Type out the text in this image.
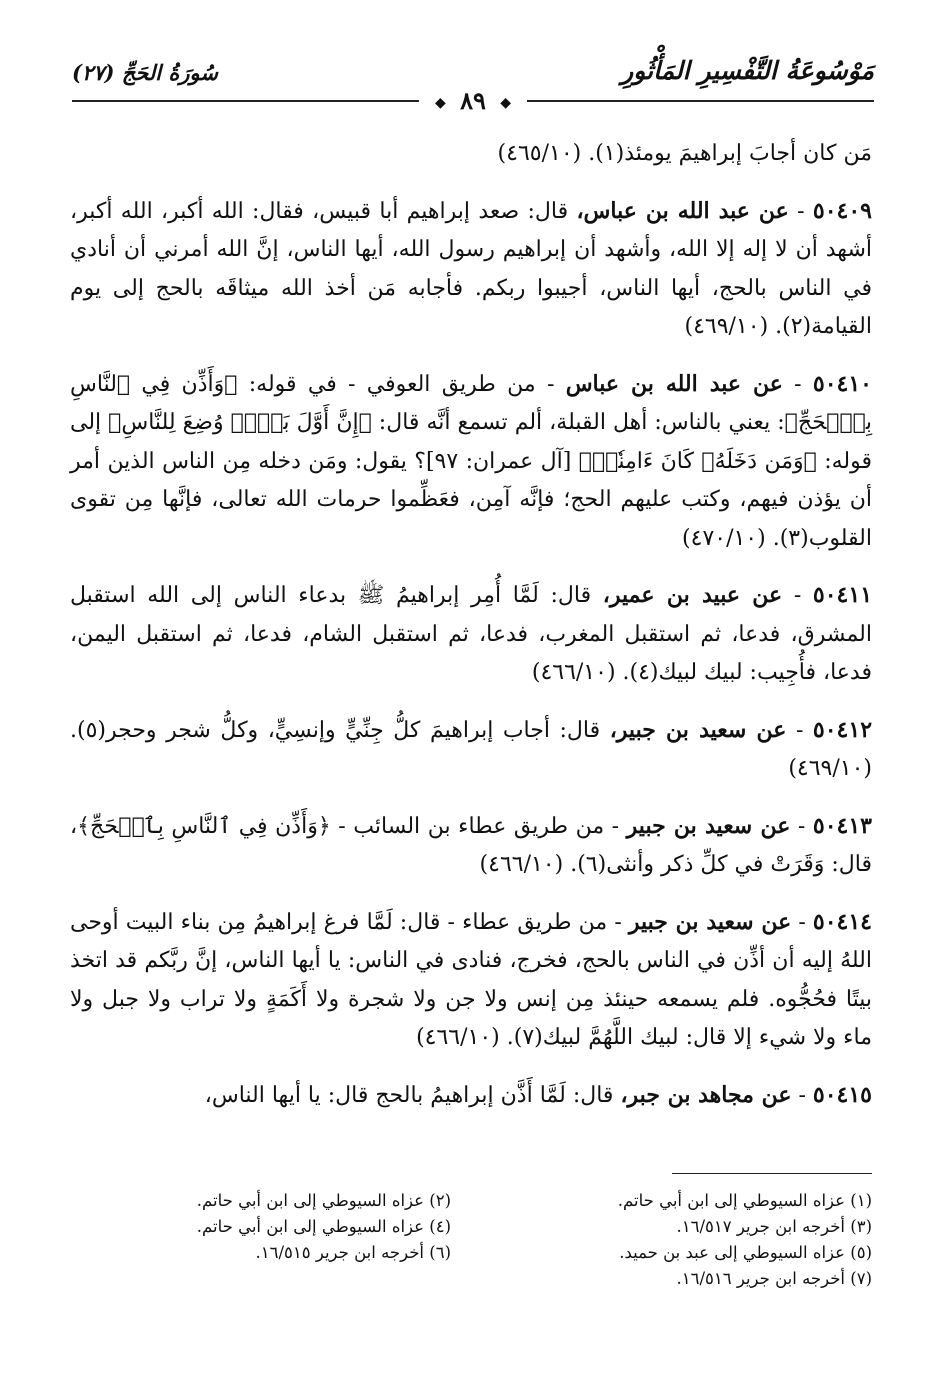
مَوْسُوعَةُ التَّفْسِيرِ المَأْثُورِ
سُورَةُ الحَجِّ (٢٧)
◆ ٨٩ ◆

مَن كان أجابَ إبراهيمَ يومئذ(١). (٤٦٥/١٠)

٥٠٤٠٩ - عن عبد الله بن عباس، قال: صعد إبراهيم أبا قبيس، فقال: الله أكبر، الله أكبر، أشهد أن لا إله إلا الله، وأشهد أن إبراهيم رسول الله، أيها الناس، إنَّ الله أمرني أن أنادي في الناس بالحج، أيها الناس، أجيبوا ربكم. فأجابه مَن أخذ الله ميثاقَه بالحج إلى يوم القيامة(٢). (٤٦٩/١٠)

٥٠٤١٠ - عن عبد الله بن عباس - من طريق العوفي - في قوله: ﴿وَأَذِّن فِي ٱلنَّاسِ بِٱلۡحَجِّ﴾: يعني بالناس: أهل القبلة، ألم تسمع أنَّه قال: ﴿إِنَّ أَوَّلَ بَيۡتٖ وُضِعَ لِلنَّاسِ﴾ إلى قوله: ﴿وَمَن دَخَلَهُۥ كَانَ ءَامِنٗاۗ﴾ [آل عمران: ٩٧]؟ يقول: ومَن دخله مِن الناس الذين أمر أن يؤذن فيهم، وكتب عليهم الحج؛ فإنَّه آمِن، فعَظِّموا حرمات الله تعالى، فإنَّها مِن تقوى القلوب(٣). (٤٧٠/١٠)

٥٠٤١١ - عن عبيد بن عمير، قال: لَمَّا أُمِر إبراهيمُ ﷺ بدعاء الناس إلى الله استقبل المشرق، فدعا، ثم استقبل المغرب، فدعا، ثم استقبل الشام، فدعا، ثم استقبل اليمن، فدعا، فأُجِيب: لبيك لبيك(٤). (٤٦٦/١٠)

٥٠٤١٢ - عن سعيد بن جبير، قال: أجاب إبراهيمَ كلُّ جِنِّيٍّ وإنسِيٍّ، وكلُّ شجر وحجر(٥). (٤٦٩/١٠)

٥٠٤١٣ - عن سعيد بن جبير - من طريق عطاء بن السائب - ﴿وَأَذِّن فِي ٱلنَّاسِ بِٱلۡحَجِّ﴾، قال: وَقَرَتْ في كلِّ ذكر وأنثى(٦). (٤٦٦/١٠)

٥٠٤١٤ - عن سعيد بن جبير - من طريق عطاء - قال: لَمَّا فرغ إبراهيمُ مِن بناء البيت أوحى اللهُ إليه أن أذِّن في الناس بالحج، فخرج، فنادى في الناس: يا أيها الناس، إنَّ ربَّكم قد اتخذ بيتًا فحُجُّوه. فلم يسمعه حينئذ مِن إنس ولا جن ولا شجرة ولا أَكَمَةٍ ولا تراب ولا جبل ولا ماء ولا شيء إلا قال: لبيك اللَّهُمَّ لبيك(٧). (٤٦٦/١٠)

٥٠٤١٥ - عن مجاهد بن جبر، قال: لَمَّا أَذَّن إبراهيمُ بالحج قال: يا أيها الناس،

(١) عزاه السيوطي إلى ابن أبي حاتم.
(٢) عزاه السيوطي إلى ابن أبي حاتم.
(٣) أخرجه ابن جرير ١٦/٥١٧.
(٤) عزاه السيوطي إلى ابن أبي حاتم.
(٥) عزاه السيوطي إلى عبد بن حميد.
(٦) أخرجه ابن جرير ١٦/٥١٥.
(٧) أخرجه ابن جرير ١٦/٥١٦.
